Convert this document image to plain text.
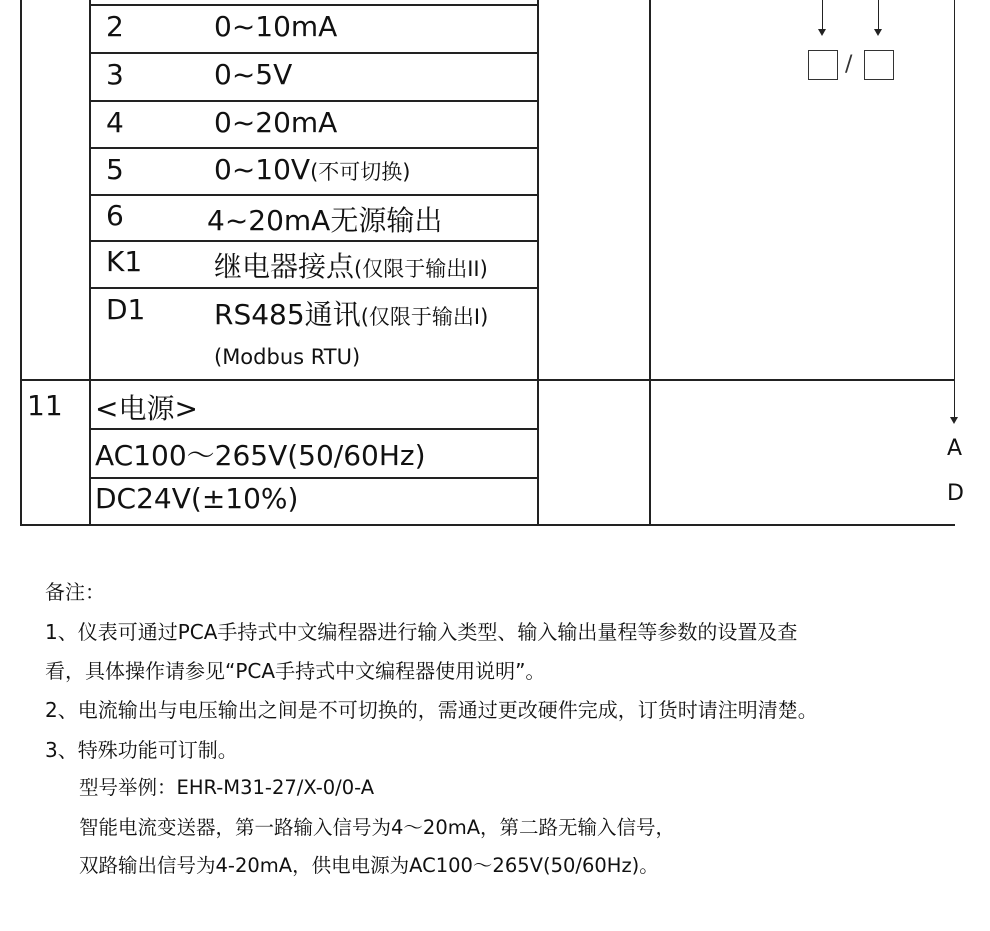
2	0~10mA
3	0~5V
4	0~20mA
5	0~10V(不可切换)
6	4~20mA无源输出
K1	继电器接点(仅限于输出II)
D1 RS485通讯(仅限于输出I)
(Modbus RTU)
11 <电源>
AC100～265V(50/60Hz)
DC24V(±10%)
/
A
D
备注：
1、仪表可通过PCA手持式中文编程器进行输入类型、输入输出量程等参数的设置及查
看，具体操作请参见“PCA手持式中文编程器使用说明”。
2、电流输出与电压输出之间是不可切换的，需通过更改硬件完成，订货时请注明清楚。
3、特殊功能可订制。
型号举例：EHR-M31-27/X-0/0-A
智能电流变送器，第一路输入信号为4～20mA，第二路无输入信号，
双路输出信号为4-20mA，供电电源为AC100～265V(50/60Hz)。
